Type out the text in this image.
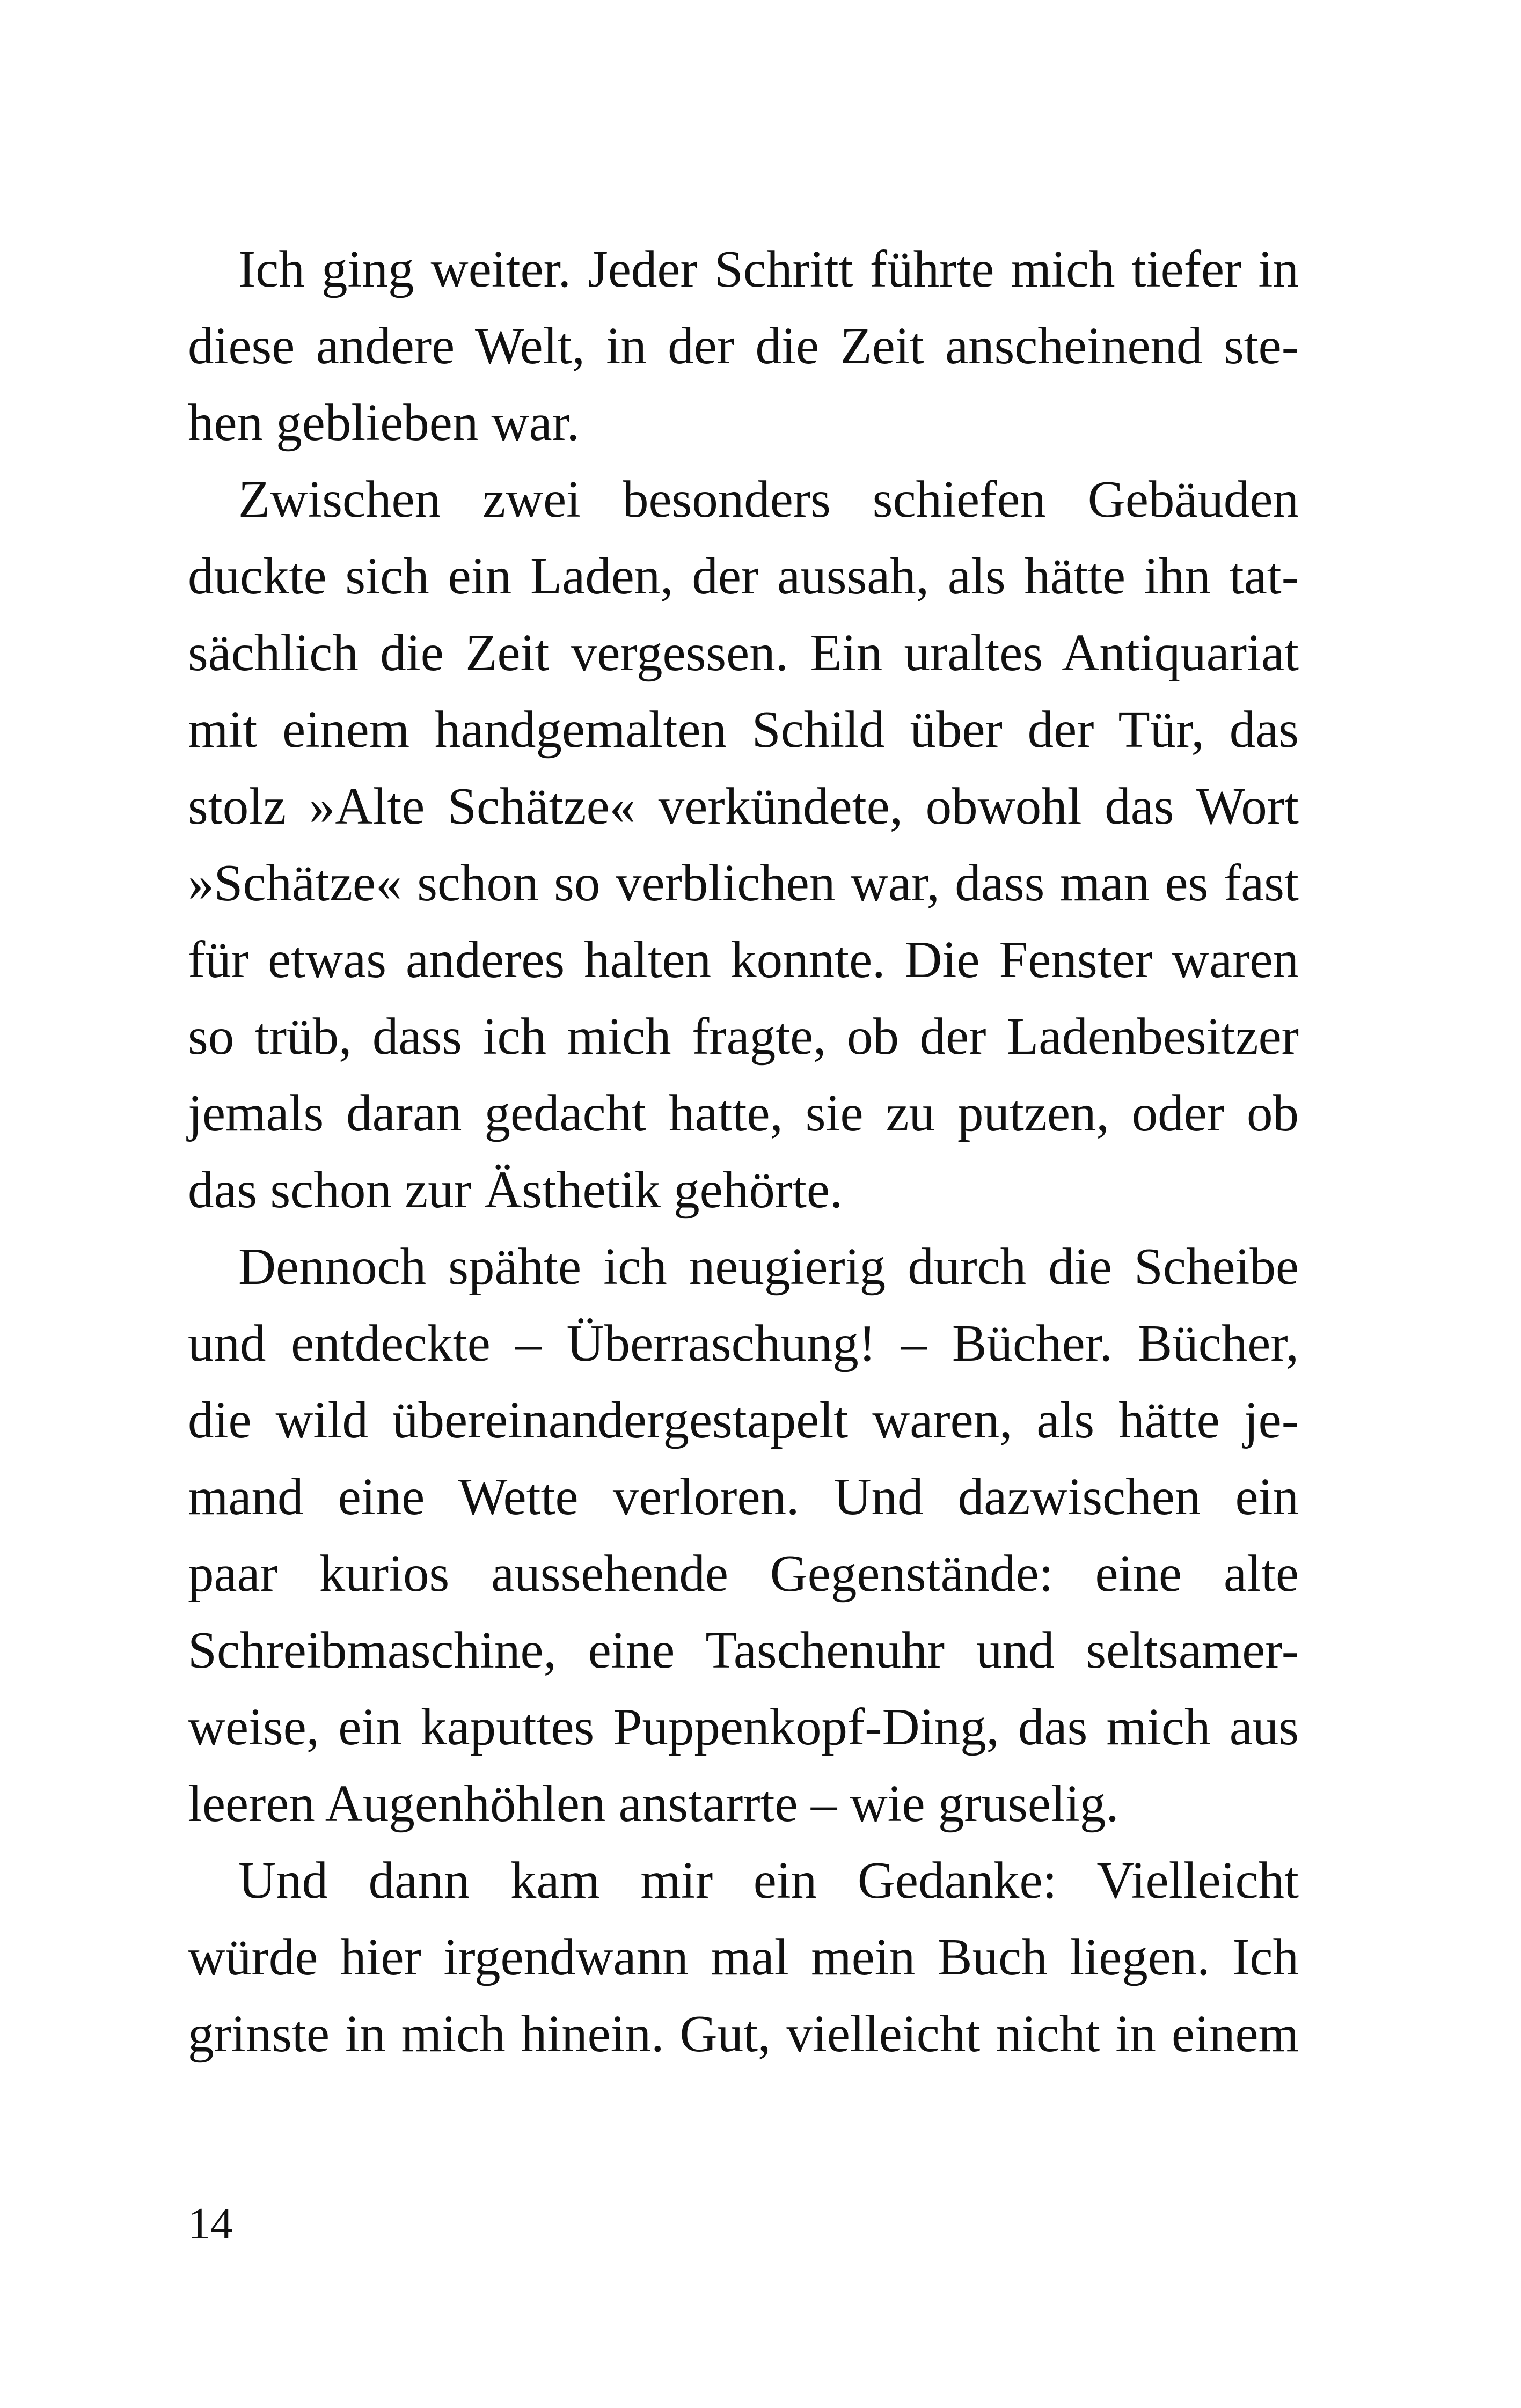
Ich ging weiter. Jeder Schritt führte mich tiefer in
diese andere Welt, in der die Zeit anscheinend ste-
hen geblieben war.
Zwischen zwei besonders schiefen Gebäuden
duckte sich ein Laden, der aussah, als hätte ihn tat-
sächlich die Zeit vergessen. Ein uraltes Antiquariat
mit einem handgemalten Schild über der Tür, das
stolz »Alte Schätze« verkündete, obwohl das Wort
»Schätze« schon so verblichen war, dass man es fast
für etwas anderes halten konnte. Die Fenster waren
so trüb, dass ich mich fragte, ob der Ladenbesitzer
jemals daran gedacht hatte, sie zu putzen, oder ob
das schon zur Ästhetik gehörte.
Dennoch spähte ich neugierig durch die Scheibe
und entdeckte – Überraschung! – Bücher. Bücher,
die wild übereinandergestapelt waren, als hätte je-
mand eine Wette verloren. Und dazwischen ein
paar kurios aussehende Gegenstände: eine alte
Schreibmaschine, eine Taschenuhr und seltsamer-
weise, ein kaputtes Puppenkopf-Ding, das mich aus
leeren Augenhöhlen anstarrte – wie gruselig.
Und dann kam mir ein Gedanke: Vielleicht
würde hier irgendwann mal mein Buch liegen. Ich
grinste in mich hinein. Gut, vielleicht nicht in einem
14
